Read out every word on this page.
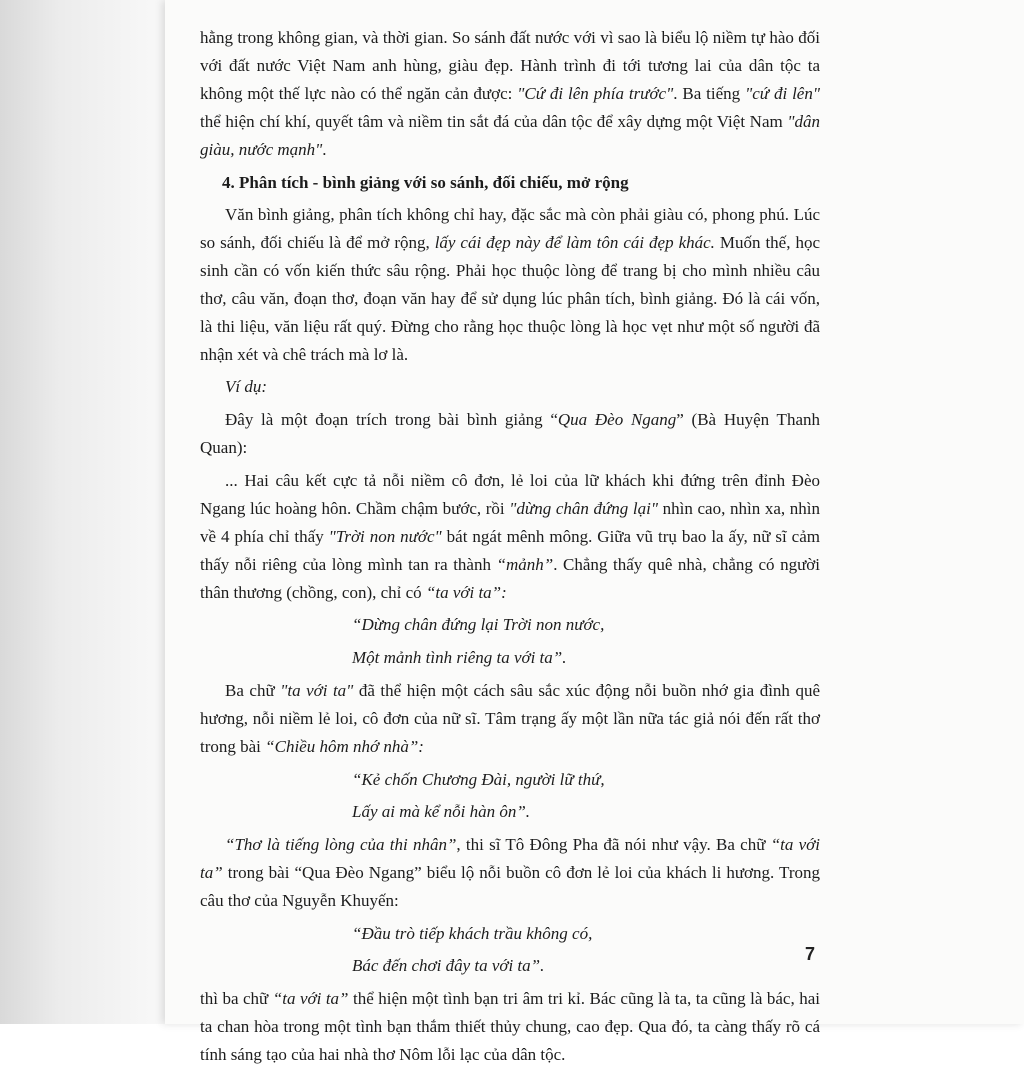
hằng trong không gian, và thời gian. So sánh đất nước với vì sao là biểu lộ niềm tự hào đối với đất nước Việt Nam anh hùng, giàu đẹp. Hành trình đi tới tương lai của dân tộc ta không một thế lực nào có thể ngăn cản được: "Cứ đi lên phía trước". Ba tiếng "cứ đi lên" thể hiện chí khí, quyết tâm và niềm tin sắt đá của dân tộc để xây dựng một Việt Nam "dân giàu, nước mạnh".

4. Phân tích - bình giảng với so sánh, đối chiếu, mở rộng

Văn bình giảng, phân tích không chỉ hay, đặc sắc mà còn phải giàu có, phong phú. Lúc so sánh, đối chiếu là để mở rộng, lấy cái đẹp này để làm tôn cái đẹp khác. Muốn thế, học sinh cần có vốn kiến thức sâu rộng. Phải học thuộc lòng để trang bị cho mình nhiều câu thơ, câu văn, đoạn thơ, đoạn văn hay để sử dụng lúc phân tích, bình giảng. Đó là cái vốn, là thi liệu, văn liệu rất quý. Đừng cho rằng học thuộc lòng là học vẹt như một số người đã nhận xét và chê trách mà lơ là.

Ví dụ:

Đây là một đoạn trích trong bài bình giảng “Qua Đèo Ngang” (Bà Huyện Thanh Quan):

... Hai câu kết cực tả nỗi niềm cô đơn, lẻ loi của lữ khách khi đứng trên đỉnh Đèo Ngang lúc hoàng hôn. Chầm chậm bước, rồi "dừng chân đứng lại" nhìn cao, nhìn xa, nhìn về 4 phía chỉ thấy "Trời non nước" bát ngát mênh mông. Giữa vũ trụ bao la ấy, nữ sĩ cảm thấy nỗi riêng của lòng mình tan ra thành “mảnh”. Chẳng thấy quê nhà, chẳng có người thân thương (chồng, con), chỉ có “ta với ta”:

“Dừng chân đứng lại Trời non nước,

Một mảnh tình riêng ta với ta”.

Ba chữ "ta với ta" đã thể hiện một cách sâu sắc xúc động nỗi buồn nhớ gia đình quê hương, nỗi niềm lẻ loi, cô đơn của nữ sĩ. Tâm trạng ấy một lần nữa tác giả nói đến rất thơ trong bài “Chiều hôm nhớ nhà”:

“Kẻ chốn Chương Đài, người lữ thứ,

Lấy ai mà kể nỗi hàn ôn”.

“Thơ là tiếng lòng của thi nhân”, thi sĩ Tô Đông Pha đã nói như vậy. Ba chữ “ta với ta” trong bài “Qua Đèo Ngang” biểu lộ nỗi buồn cô đơn lẻ loi của khách li hương. Trong câu thơ của Nguyễn Khuyến:

“Đầu trò tiếp khách trầu không có,

Bác đến chơi đây ta với ta”.

thì ba chữ “ta với ta” thể hiện một tình bạn tri âm tri kỉ. Bác cũng là ta, ta cũng là bác, hai ta chan hòa trong một tình bạn thắm thiết thủy chung, cao đẹp. Qua đó, ta càng thấy rõ cá tính sáng tạo của hai nhà thơ Nôm lỗi lạc của dân tộc.

7
